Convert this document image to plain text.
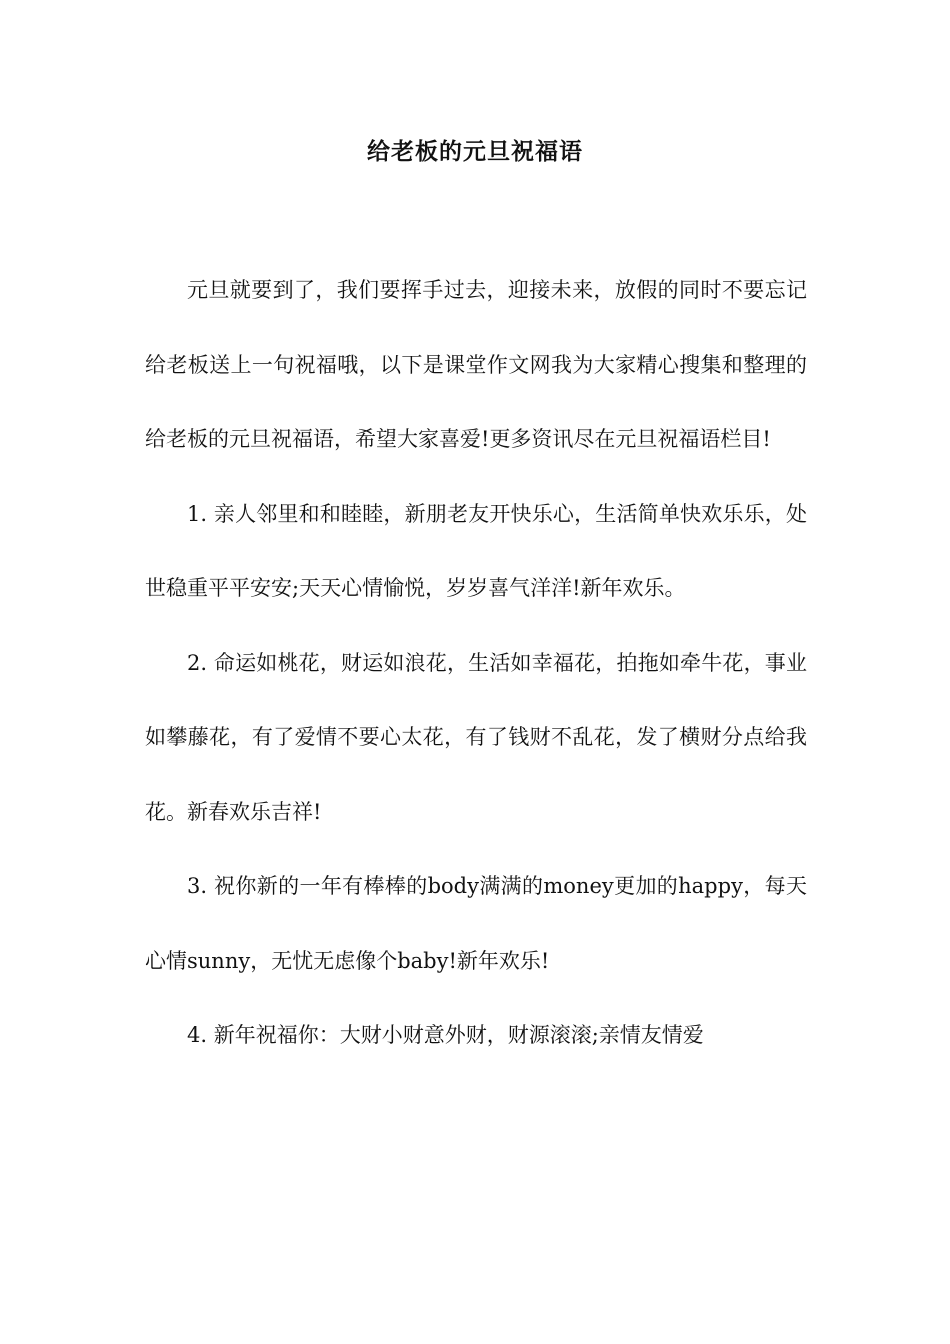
给老板的元旦祝福语

元旦就要到了，我们要挥手过去，迎接未来，放假的同时不要忘记给老板送上一句祝福哦，以下是课堂作文网我为大家精心搜集和整理的给老板的元旦祝福语，希望大家喜爱!更多资讯尽在元旦祝福语栏目!

1. 亲人邻里和和睦睦，新朋老友开快乐心，生活简单快欢乐乐，处世稳重平平安安;天天心情愉悦，岁岁喜气洋洋!新年欢乐。

2. 命运如桃花，财运如浪花，生活如幸福花，拍拖如牵牛花，事业如攀藤花，有了爱情不要心太花，有了钱财不乱花，发了横财分点给我花。新春欢乐吉祥!

3. 祝你新的一年有棒棒的body满满的money更加的happy，每天心情sunny，无忧无虑像个baby!新年欢乐!

4. 新年祝福你：大财小财意外财，财源滚滚;亲情友情爱
